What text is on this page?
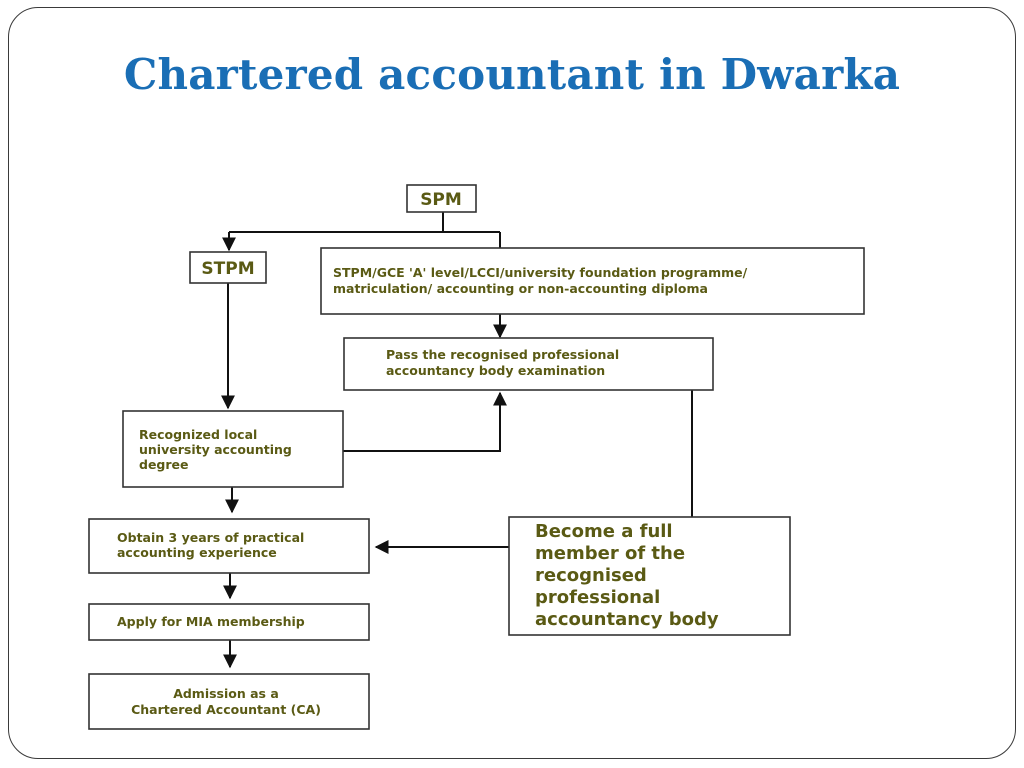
Chartered accountant in Dwarka
SPM
STPM	STPM/GCE 'A' level/LCCI/university foundation programme/
matriculation/ accounting or non-accounting diploma
Pass the recognised professional
accountancy body examination
Recognized local
university accounting
degree
Obtain 3 years of practical
accounting experience
Apply for MIA membership
Admission as a
Chartered Accountant (CA)
Become a full
member of the
recognised
professional
accountancy body
